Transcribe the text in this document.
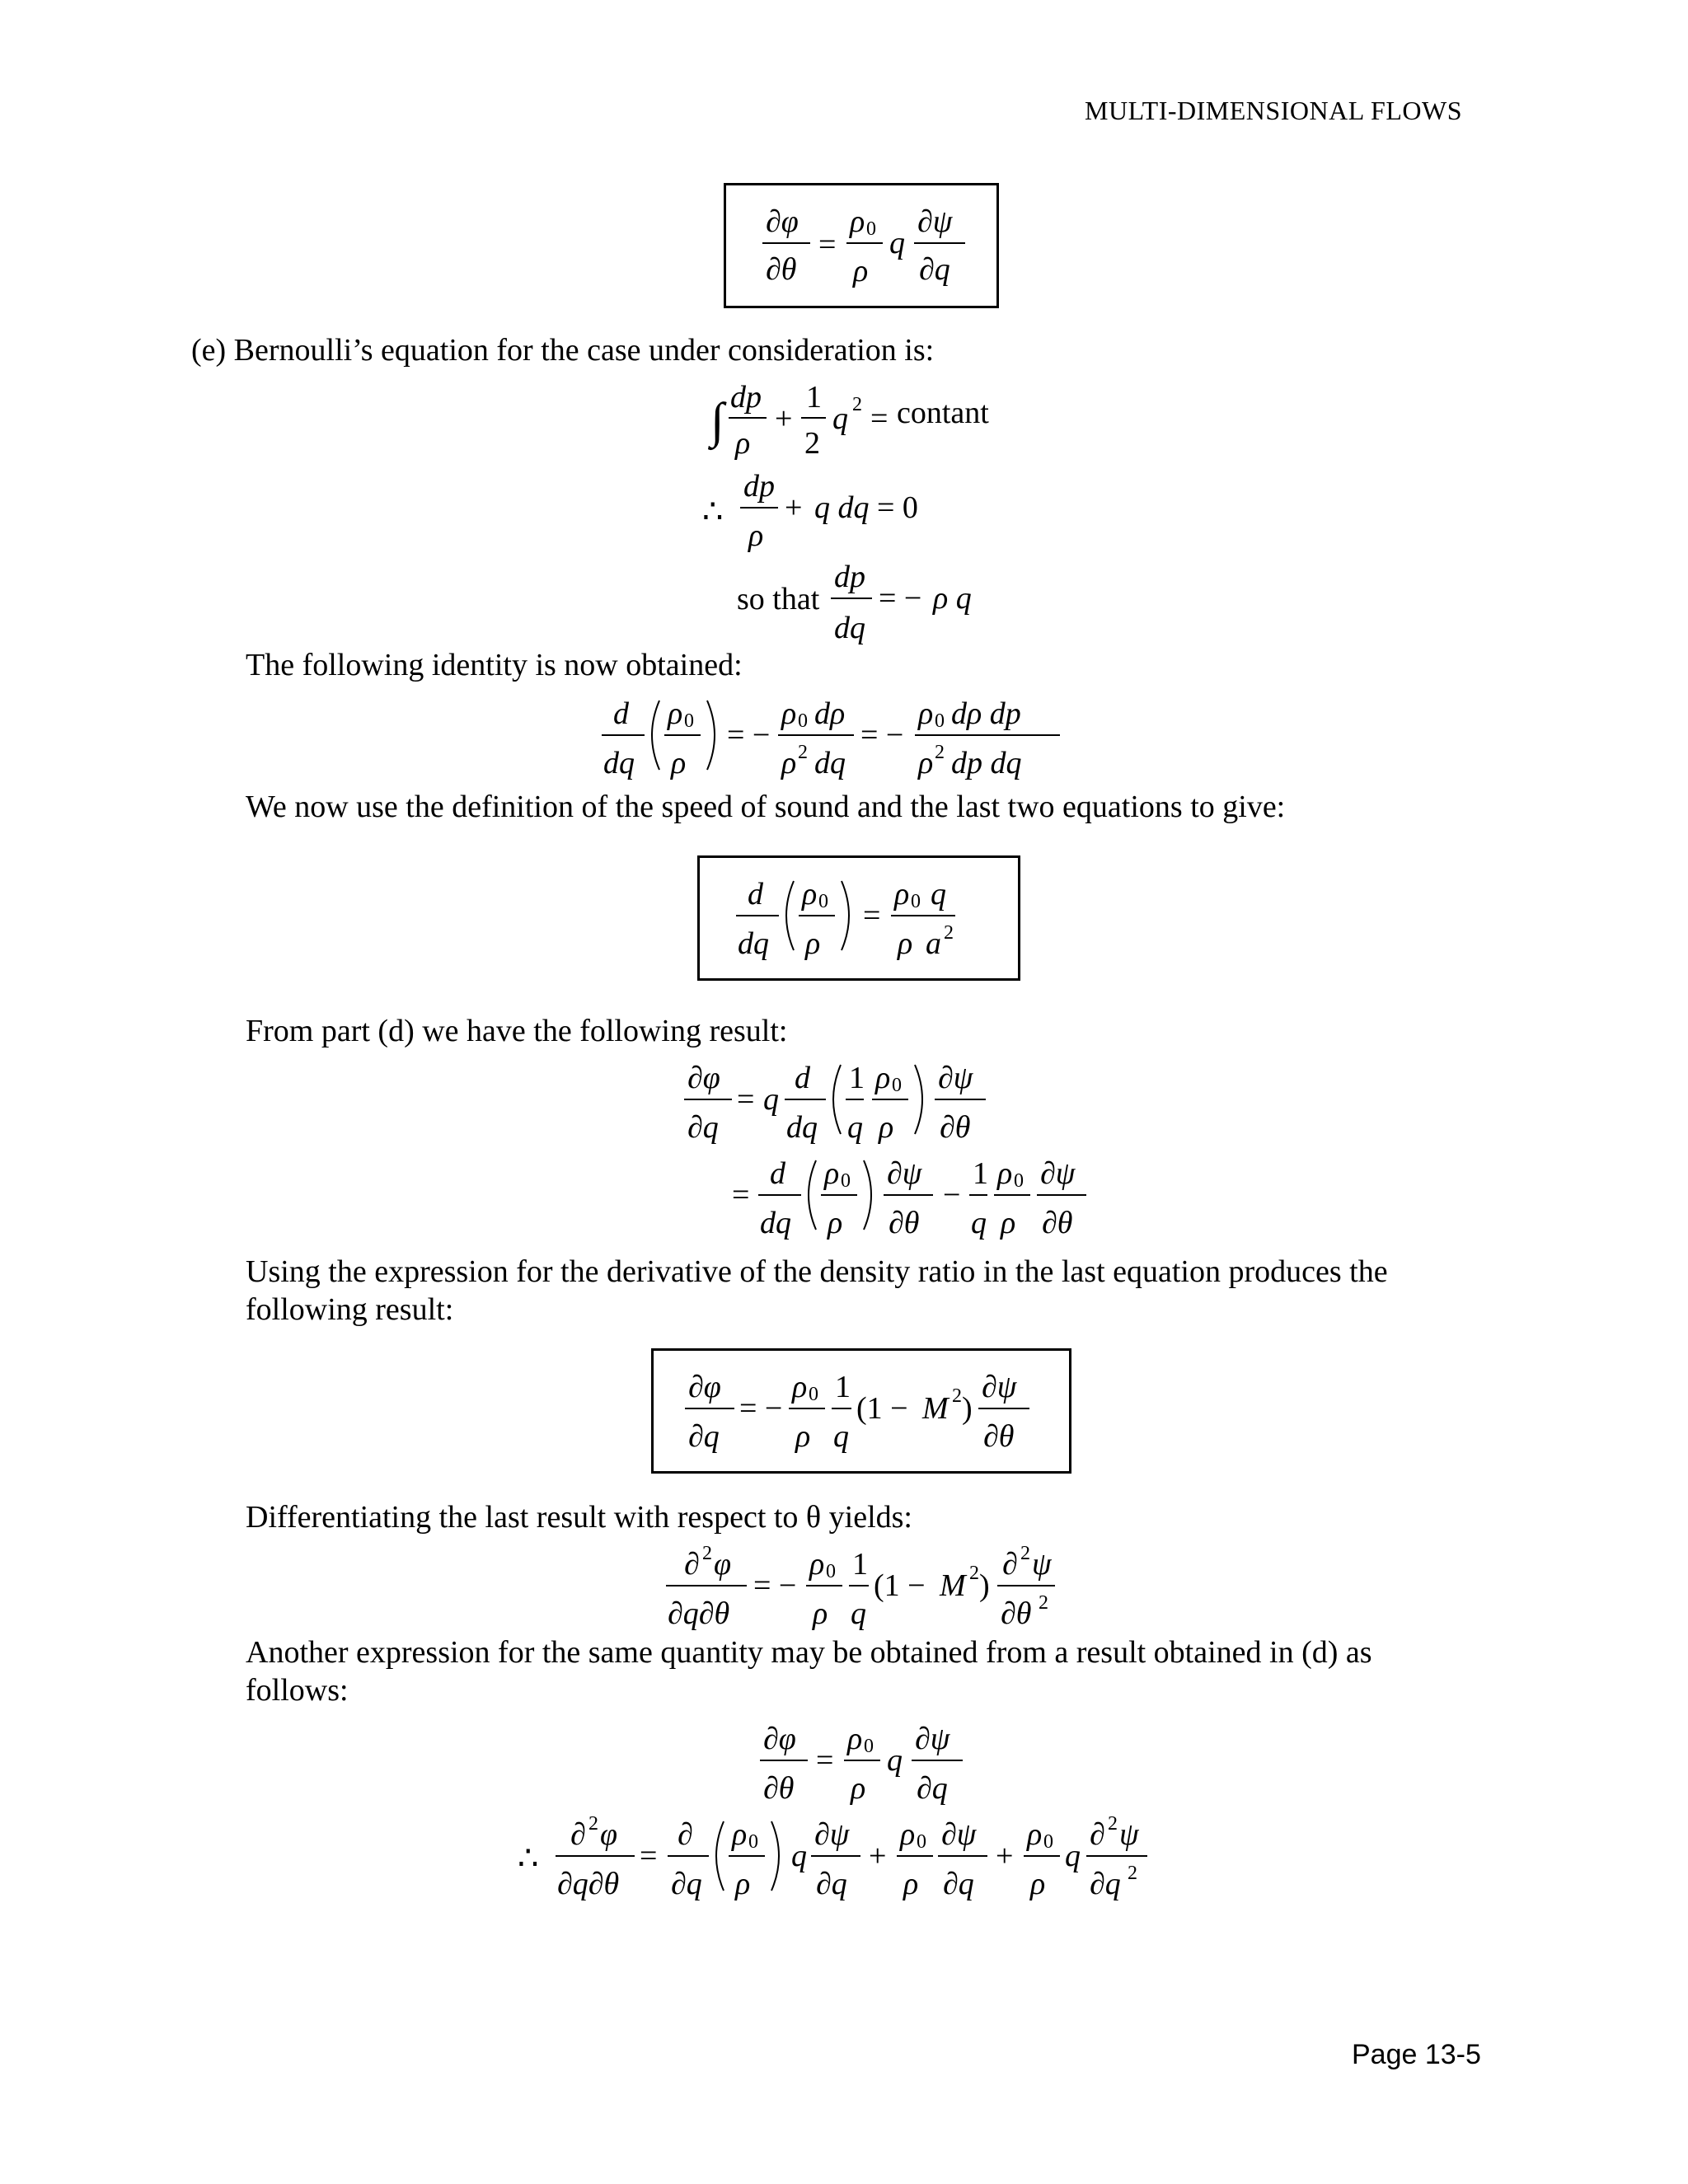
MULTI-DIMENSIONAL FLOWS
∂φ
∂θ
=
ρ 0
ρ
q
∂ψ
∂q
(e) Bernoulli’s equation for the case under consideration is:
∫ dp
ρ
+
1
2
q 2 = contant
∴
dp
ρ
+ q dq = 0
so that
dp
dq
= − ρ q
The following identity is now obtained:
d
dq
ρ 0
ρ
= −
ρ 0 dρ
ρ 2 dq
= −
ρ 0 dρ dp
ρ 2 dp dq
We now use the definition of the speed of sound and the last two equations to give:
d
dq
ρ 0
ρ
=
ρ 0 q
ρ a 2
From part (d) we have the following result:
∂φ
∂q
= q
d
dq
1
q
ρ 0
ρ
∂ψ
∂θ
=
d
dq
ρ 0
ρ
∂ψ
∂θ
−
1
q
ρ 0
ρ
∂ψ
∂θ
Using the expression for the derivative of the density ratio in the last equation produces the
following result:
∂φ
∂q
= −
ρ 0
ρ
1
q
(1 − M 2 )
∂ψ
∂θ
Differentiating the last result with respect to θ yields:
∂ 2 φ
∂q∂θ
= −
ρ 0
ρ
1
q
(1 − M 2 )
∂ 2 ψ
∂θ 2
Another expression for the same quantity may be obtained from a result obtained in (d) as
follows:
∂φ
∂θ
=
ρ 0
ρ
q
∂ψ
∂q
∴
∂ 2 φ
∂q∂θ
=
∂
∂q
ρ 0
ρ
q
∂ψ
∂q
+
ρ 0
ρ
∂ψ
∂q
+
ρ 0
ρ
q
∂ 2 ψ
∂q 2
Page 13-5
